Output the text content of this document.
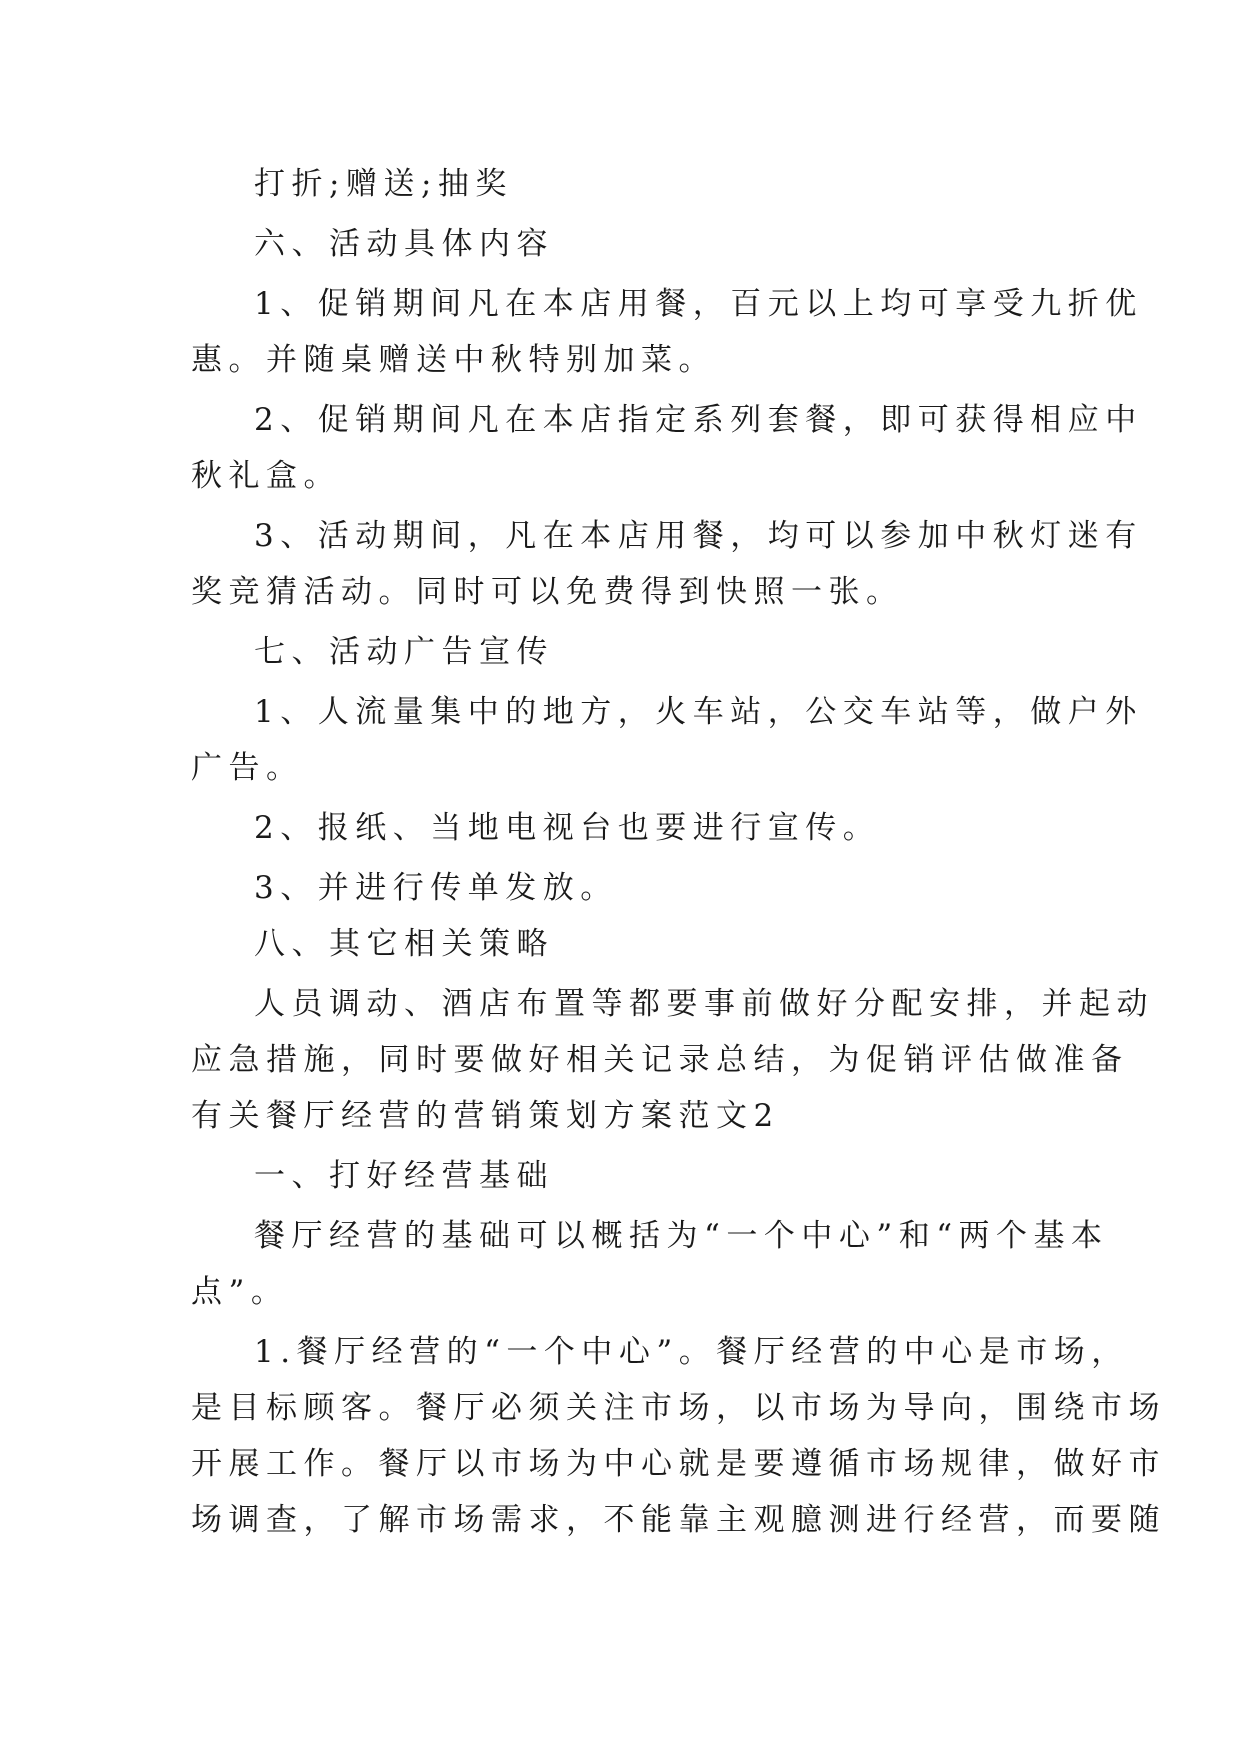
打折;赠送;抽奖

六、活动具体内容

1、促销期间凡在本店用餐，百元以上均可享受九折优

惠。并随桌赠送中秋特别加菜。

2、促销期间凡在本店指定系列套餐，即可获得相应中

秋礼盒。

3、活动期间，凡在本店用餐，均可以参加中秋灯迷有

奖竞猜活动。同时可以免费得到快照一张。

七、活动广告宣传

1、人流量集中的地方，火车站，公交车站等，做户外

广告。

2、报纸、当地电视台也要进行宣传。

3、并进行传单发放。

八、其它相关策略

人员调动、酒店布置等都要事前做好分配安排，并起动

应急措施，同时要做好相关记录总结，为促销评估做准备

有关餐厅经营的营销策划方案范文2

一、打好经营基础

餐厅经营的基础可以概括为“一个中心”和“两个基本

点”。

1.餐厅经营的“一个中心”。餐厅经营的中心是市场，

是目标顾客。餐厅必须关注市场，以市场为导向，围绕市场

开展工作。餐厅以市场为中心就是要遵循市场规律，做好市

场调查，了解市场需求，不能靠主观臆测进行经营，而要随
